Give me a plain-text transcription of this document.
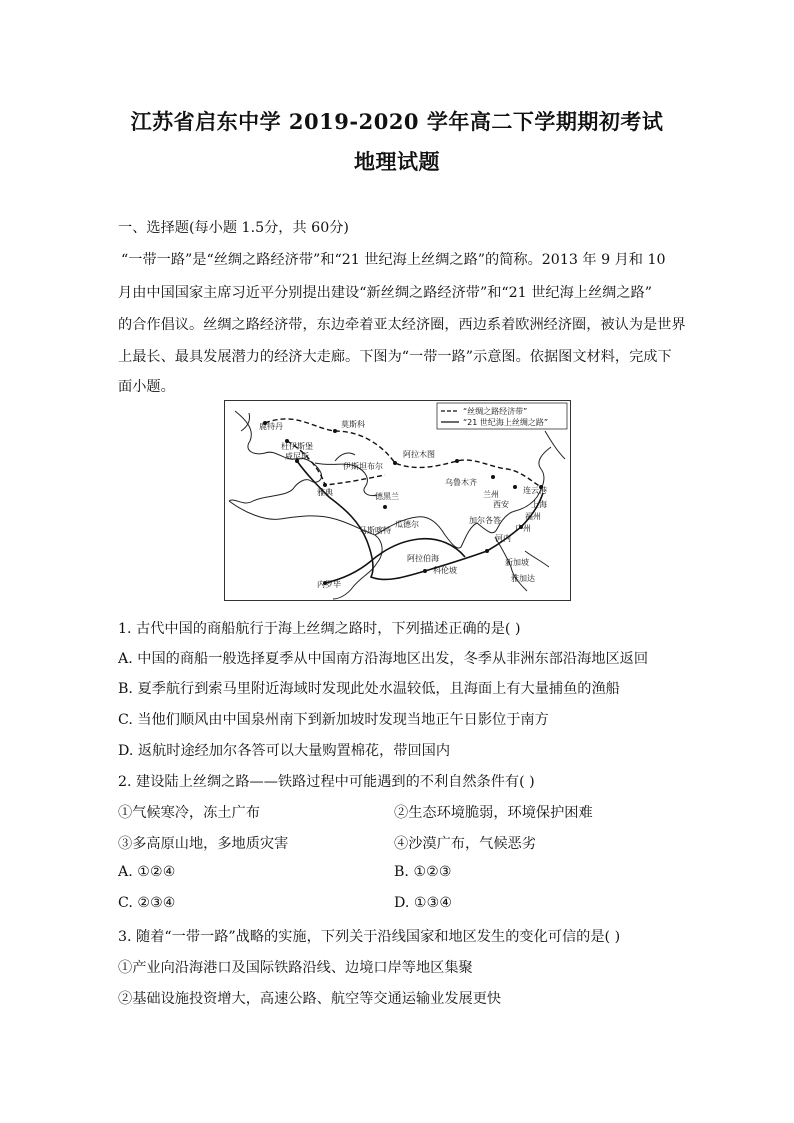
江苏省启东中学 2019-2020 学年高二下学期期初考试
地理试题
一、选择题(每小题 1.5分，共 60分)
“一带一路”是“丝绸之路经济带”和“21 世纪海上丝绸之路”的简称。2013 年 9 月和 10
月由中国国家主席习近平分别提出建设“新丝绸之路经济带”和“21 世纪海上丝绸之路”
的合作倡议。丝绸之路经济带，东边牵着亚太经济圈，西边系着欧洲经济圈，被认为是世界
上最长、最具发展潜力的经济大走廊。下图为“一带一路”示意图。依据图文材料，完成下
面小题。
“丝绸之路经济带”
“21 世纪海上丝绸之路”
莫斯科
鹿特丹
杜伊斯堡
威尼斯
伊斯坦布尔
阿拉木图
乌鲁木齐
雅典	德黑兰	兰州
西安
连云港
上海
福州
加尔各答
广州
瓜德尔
河内
马斯喀特
阿拉伯海
科伦坡
新加坡
雅加达
内罗毕
1. 古代中国的商船航行于海上丝绸之路时，下列描述正确的是( )
A. 中国的商船一般选择夏季从中国南方沿海地区出发，冬季从非洲东部沿海地区返回
B. 夏季航行到索马里附近海域时发现此处水温较低，且海面上有大量捕鱼的渔船
C. 当他们顺风由中国泉州南下到新加坡时发现当地正午日影位于南方
D. 返航时途经加尔各答可以大量购置棉花，带回国内
2. 建设陆上丝绸之路——铁路过程中可能遇到的不利自然条件有( )
①气候寒冷，冻土广布	②生态环境脆弱，环境保护困难
③多高原山地，多地质灾害	④沙漠广布，气候恶劣
A. ①②④	B. ①②③
C. ②③④	D. ①③④
3. 随着“一带一路”战略的实施，下列关于沿线国家和地区发生的变化可信的是( )
①产业向沿海港口及国际铁路沿线、边境口岸等地区集聚
②基础设施投资增大，高速公路、航空等交通运输业发展更快
